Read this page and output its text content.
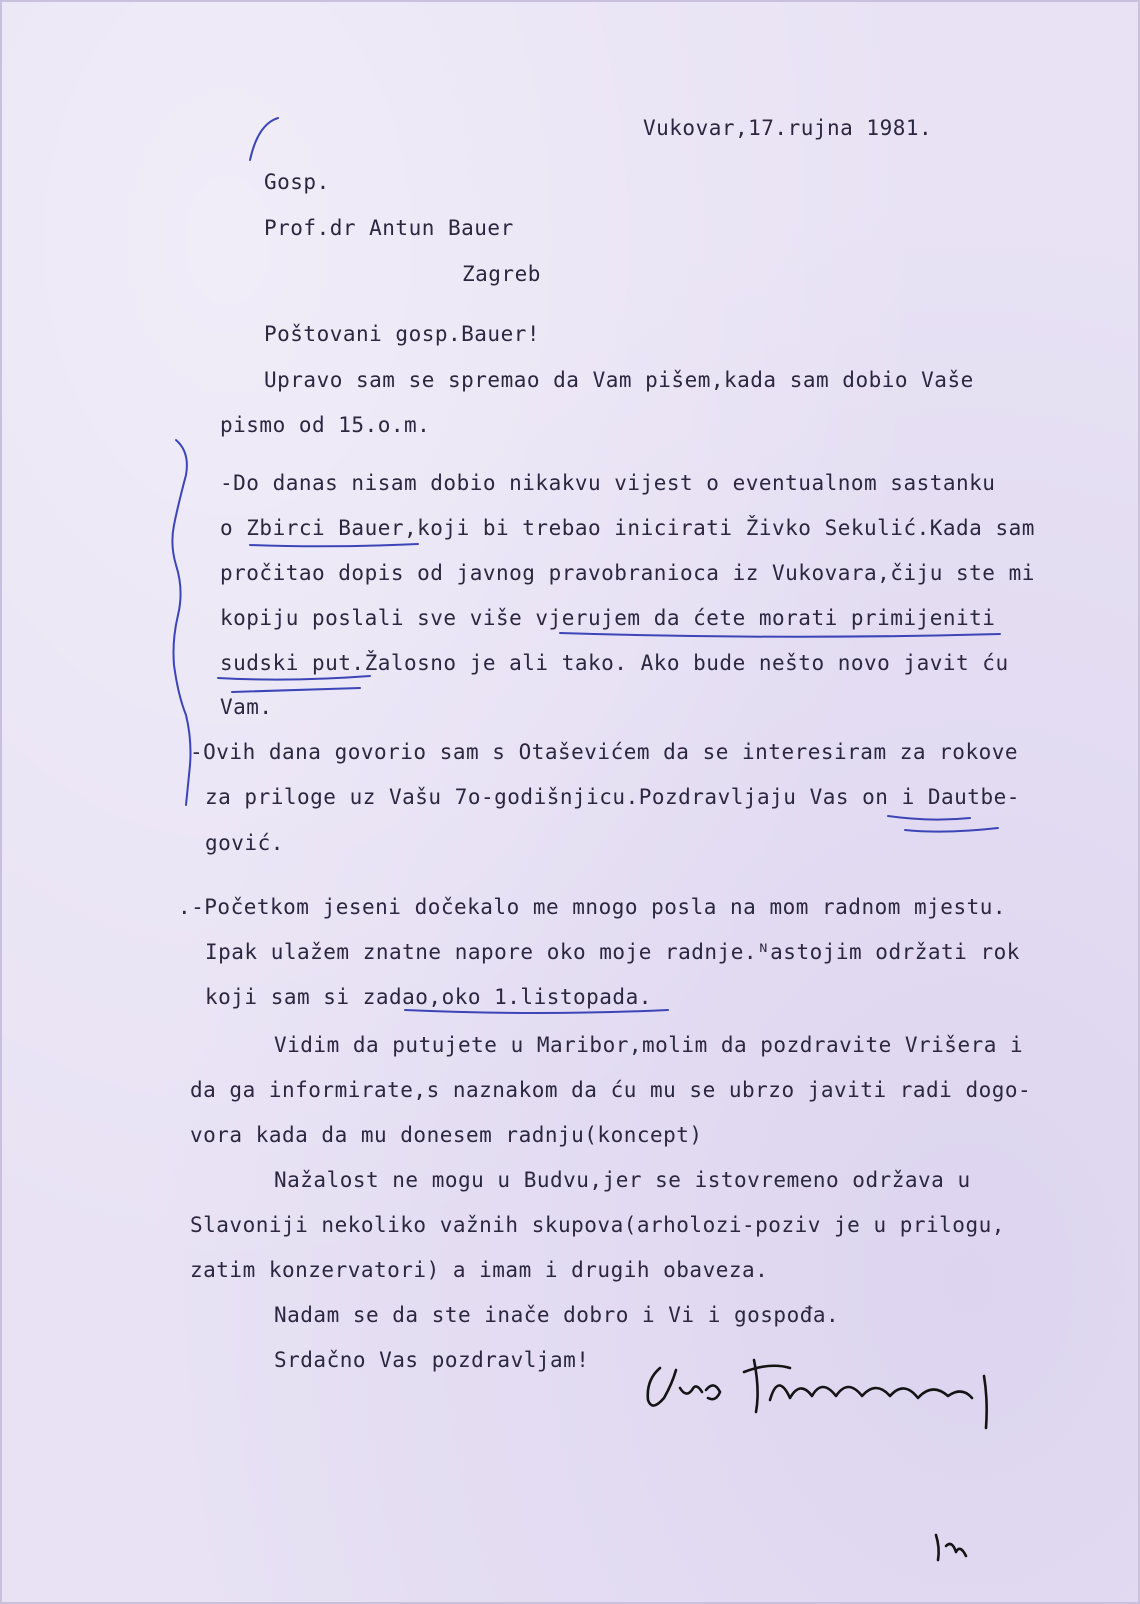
Vukovar,17.rujna 1981.
Gosp.
Prof.dr Antun Bauer
Zagreb
Poštovani gosp.Bauer!
Upravo sam se spremao da Vam pišem,kada sam dobio Vaše
pismo od 15.o.m.
-Do danas nisam dobio nikakvu vijest o eventualnom sastanku
o Zbirci Bauer,koji bi trebao inicirati Živko Sekulić.Kada sam
pročitao dopis od javnog pravobranioca iz Vukovara,čiju ste mi
kopiju poslali sve više vjerujem da ćete morati primijeniti
sudski put.Žalosno je ali tako. Ako bude nešto novo javit ću
Vam.
-Ovih dana govorio sam s Otaševićem da se interesiram za rokove
za priloge uz Vašu 7o-godišnjicu.Pozdravljaju Vas on i Dautbe-
gović.
.-Početkom jeseni dočekalo me mnogo posla na mom radnom mjestu.
Ipak ulažem znatne napore oko moje radnje.ᴺastojim održati rok
koji sam si zadao,oko 1.listopada.
Vidim da putujete u Maribor,molim da pozdravite Vrišera i
da ga informirate,s naznakom da ću mu se ubrzo javiti radi dogo-
vora kada da mu donesem radnju(koncept)
Nažalost ne mogu u Budvu,jer se istovremeno održava u
Slavoniji nekoliko važnih skupova(arholozi-poziv je u prilogu,
zatim konzervatori) a imam i drugih obaveza.
Nadam se da ste inače dobro i Vi i gospođa.
Srdačno Vas pozdravljam!
